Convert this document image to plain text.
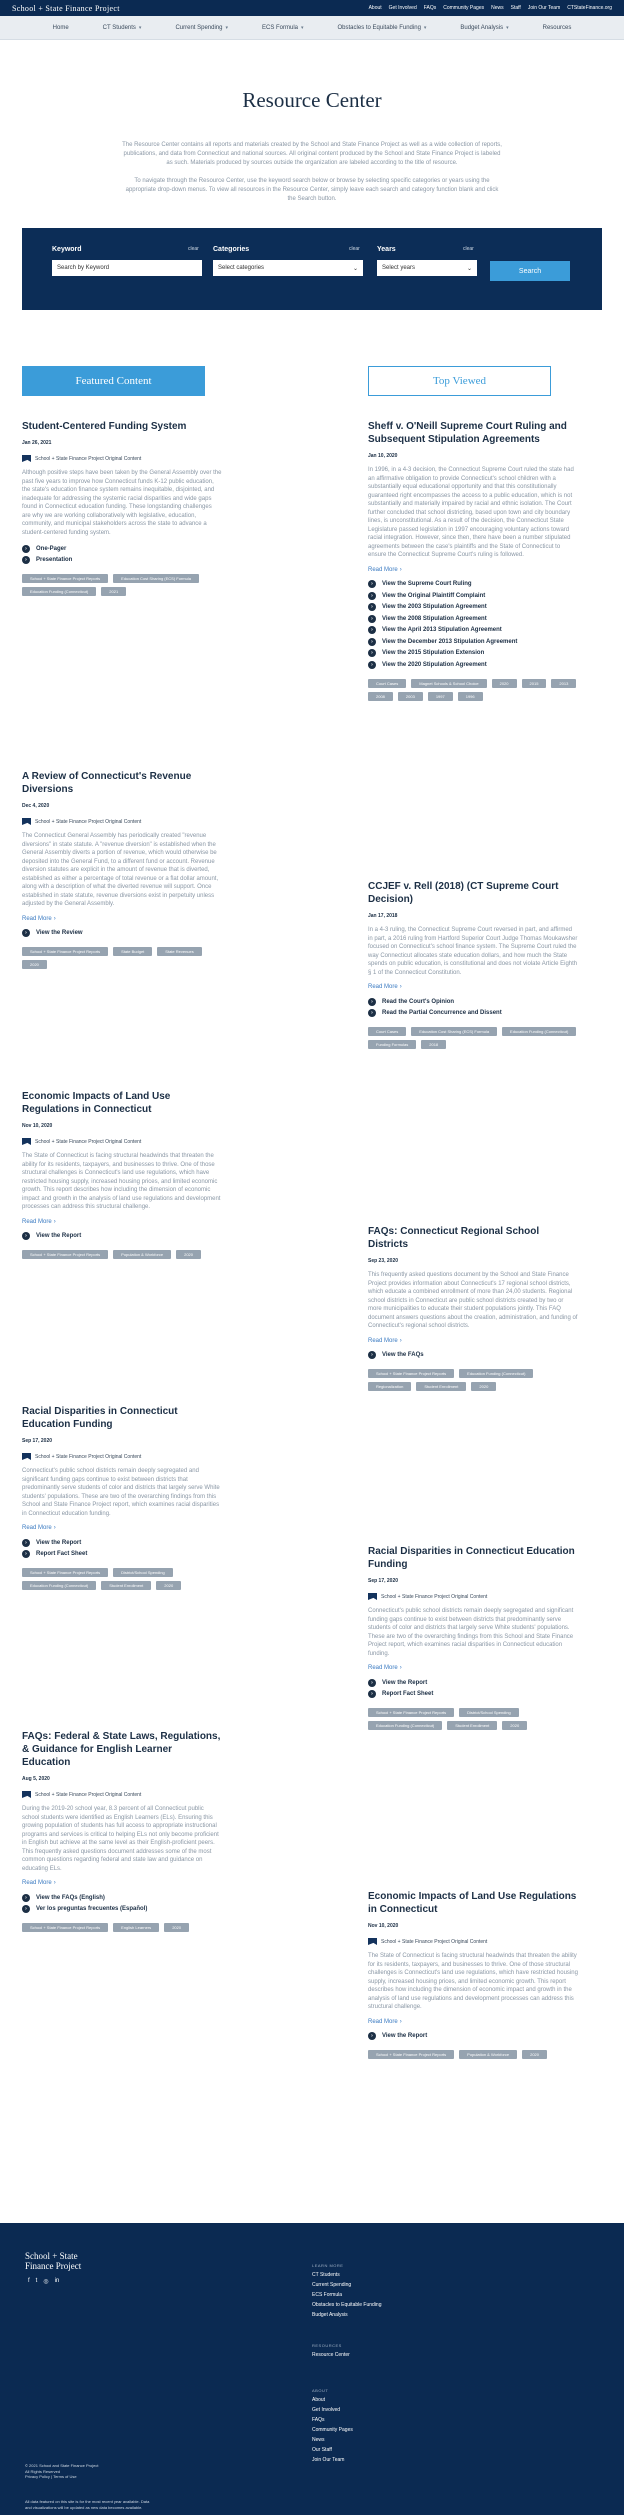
School + State Finance Project	About Get Involved FAQs Community Pages News Staff Join Our Team CTStateFinance.org
Home	CT Students ▾	Current Spending ▾	ECS Formula ▾	Obstacles to Equitable Funding ▾	Budget Analysis ▾	Resources
Resource Center

The Resource Center contains all reports and materials created by the School and State Finance Project as well as a wide collection of reports, publications, and data from Connecticut and national sources. All original content produced by the School and State Finance Project is labeled as such. Materials produced by sources outside the organization are labeled according to the title of resource.

To navigate through the Resource Center, use the keyword search below or browse by selecting specific categories or years using the appropriate drop-down menus. To view all resources in the Resource Center, simply leave each search and category function blank and click the Search button.

Keyword	clear
Search by Keyword
Categories	clear
Select categories	⌄
Years	clear
Select years	⌄	Search
Featured Content	Top Viewed
Student-Centered Funding System
Jan 26, 2021
School + State Finance Project Original Content
Although positive steps have been taken by the General Assembly over the past five years to improve how Connecticut funds K-12 public education, the state's education finance system remains inequitable, disjointed, and inadequate for addressing the systemic racial disparities and wide gaps found in Connecticut education funding. These longstanding challenges are why we are working collaboratively with legislative, education, community, and municipal stakeholders across the state to advance a student-centered funding system.
›	One-Pager
›	Presentation
School + State Finance Project Reports	Education Cost Sharing (ECS) Formula
Education Funding (Connecticut)	2021
A Review of Connecticut's Revenue Diversions
Dec 4, 2020
School + State Finance Project Original Content
The Connecticut General Assembly has periodically created "revenue diversions" in state statute. A "revenue diversion" is established when the General Assembly diverts a portion of revenue, which would otherwise be deposited into the General Fund, to a different fund or account. Revenue diversion statutes are explicit in the amount of revenue that is diverted, established as either a percentage of total revenue or a flat dollar amount, along with a description of what the diverted revenue will support. Once established in state statute, revenue diversions exist in perpetuity unless adjusted by the General Assembly.
Read More ›
›	View the Review
School + State Finance Project Reports	State Budget	State Revenues
2020
Economic Impacts of Land Use Regulations in Connecticut
Nov 10, 2020
School + State Finance Project Original Content
The State of Connecticut is facing structural headwinds that threaten the ability for its residents, taxpayers, and businesses to thrive. One of those structural challenges is Connecticut's land use regulations, which have restricted housing supply, increased housing prices, and limited economic growth. This report describes how including the dimension of economic impact and growth in the analysis of land use regulations and development processes can address this structural challenge.
Read More ›
›	View the Report
School + State Finance Project Reports	Population & Workforce	2020
Racial Disparities in Connecticut Education Funding
Sep 17, 2020
School + State Finance Project Original Content
Connecticut's public school districts remain deeply segregated and significant funding gaps continue to exist between districts that predominantly serve students of color and districts that largely serve White students' populations. These are two of the overarching findings from this School and State Finance Project report, which examines racial disparities in Connecticut education funding.
Read More ›
›	View the Report
›	Report Fact Sheet
School + State Finance Project Reports	District/School Spending
Education Funding (Connecticut)	Student Enrollment	2020
FAQs: Federal & State Laws, Regulations, & Guidance for English Learner Education
Aug 5, 2020
School + State Finance Project Original Content
During the 2019-20 school year, 8.3 percent of all Connecticut public school students were identified as English Learners (ELs). Ensuring this growing population of students has full access to appropriate instructional programs and services is critical to helping ELs not only become proficient in English but achieve at the same level as their English-proficient peers. This frequently asked questions document addresses some of the most common questions regarding federal and state law and guidance on educating ELs.
Read More ›
›	View the FAQs (English)
›	Ver los preguntas frecuentes (Español)
School + State Finance Project Reports	English Learners	2020
Sheff v. O'Neill Supreme Court Ruling and Subsequent Stipulation Agreements
Jan 10, 2020
In 1996, in a 4-3 decision, the Connecticut Supreme Court ruled the state had an affirmative obligation to provide Connecticut's school children with a substantially equal educational opportunity and that this constitutionally guaranteed right encompasses the access to a public education, which is not substantially and materially impaired by racial and ethnic isolation. The Court further concluded that school districting, based upon town and city boundary lines, is unconstitutional. As a result of the decision, the Connecticut State Legislature passed legislation in 1997 encouraging voluntary actions toward racial integration. However, since then, there have been a number stipulated agreements between the case's plaintiffs and the State of Connecticut to ensure the Connecticut Supreme Court's ruling is followed.
Read More ›
›	View the Supreme Court Ruling
›	View the Original Plaintiff Complaint
›	View the 2003 Stipulation Agreement
›	View the 2008 Stipulation Agreement
›	View the April 2013 Stipulation Agreement
›	View the December 2013 Stipulation Agreement
›	View the 2015 Stipulation Extension
›	View the 2020 Stipulation Agreement
Court Cases	Magnet Schools & School Choice	2020	2015	2013
2008	2003	1997	1996
CCJEF v. Rell (2018) (CT Supreme Court Decision)
Jan 17, 2018
In a 4-3 ruling, the Connecticut Supreme Court reversed in part, and affirmed in part, a 2016 ruling from Hartford Superior Court Judge Thomas Moukawsher focused on Connecticut's school finance system. The Supreme Court ruled the way Connecticut allocates state education dollars, and how much the State spends on public education, is constitutional and does not violate Article Eighth § 1 of the Connecticut Constitution.
Read More ›
›	Read the Court's Opinion
›	Read the Partial Concurrence and Dissent
Court Cases	Education Cost Sharing (ECS) Formula	Education Funding (Connecticut)
Funding Formulas	2018
FAQs: Connecticut Regional School Districts
Sep 23, 2020
This frequently asked questions document by the School and State Finance Project provides information about Connecticut's 17 regional school districts, which educate a combined enrollment of more than 24,00 students. Regional school districts in Connecticut are public school districts created by two or more municipalities to educate their student populations jointly. This FAQ document answers questions about the creation, administration, and funding of Connecticut's regional school districts.
Read More ›
›	View the FAQs
School + State Finance Project Reports	Education Funding (Connecticut)
Regionalization	Student Enrollment	2020
Racial Disparities in Connecticut Education Funding
Sep 17, 2020
School + State Finance Project Original Content
Connecticut's public school districts remain deeply segregated and significant funding gaps continue to exist between districts that predominantly serve students of color and districts that largely serve White students' populations. These are two of the overarching findings from this School and State Finance Project report, which examines racial disparities in Connecticut education funding.
Read More ›
›	View the Report
›	Report Fact Sheet
School + State Finance Project Reports	District/School Spending
Education Funding (Connecticut)	Student Enrollment	2020
Economic Impacts of Land Use Regulations in Connecticut
Nov 10, 2020
School + State Finance Project Original Content
The State of Connecticut is facing structural headwinds that threaten the ability for its residents, taxpayers, and businesses to thrive. One of those structural challenges is Connecticut's land use regulations, which have restricted housing supply, increased housing prices, and limited economic growth. This report describes how including the dimension of economic impact and growth in the analysis of land use regulations and development processes can address this structural challenge.
Read More ›
›	View the Report
School + State Finance Project Reports	Population & Workforce	2020
School + State
Finance Project
f t ◎ in
LEARN MORE
CT Students
Current Spending
ECS Formula
Obstacles to Equitable Funding
Budget Analysis
RESOURCES
Resource Center
ABOUT
About
Get Involved
FAQs
Community Pages
News
Our Staff
Join Our Team
© 2021 School and State Finance Project
All Rights Reserved
Privacy Policy | Terms of Use
All data featured on this site is for the most recent year available. Data and visualizations will be updated as new data becomes available.
